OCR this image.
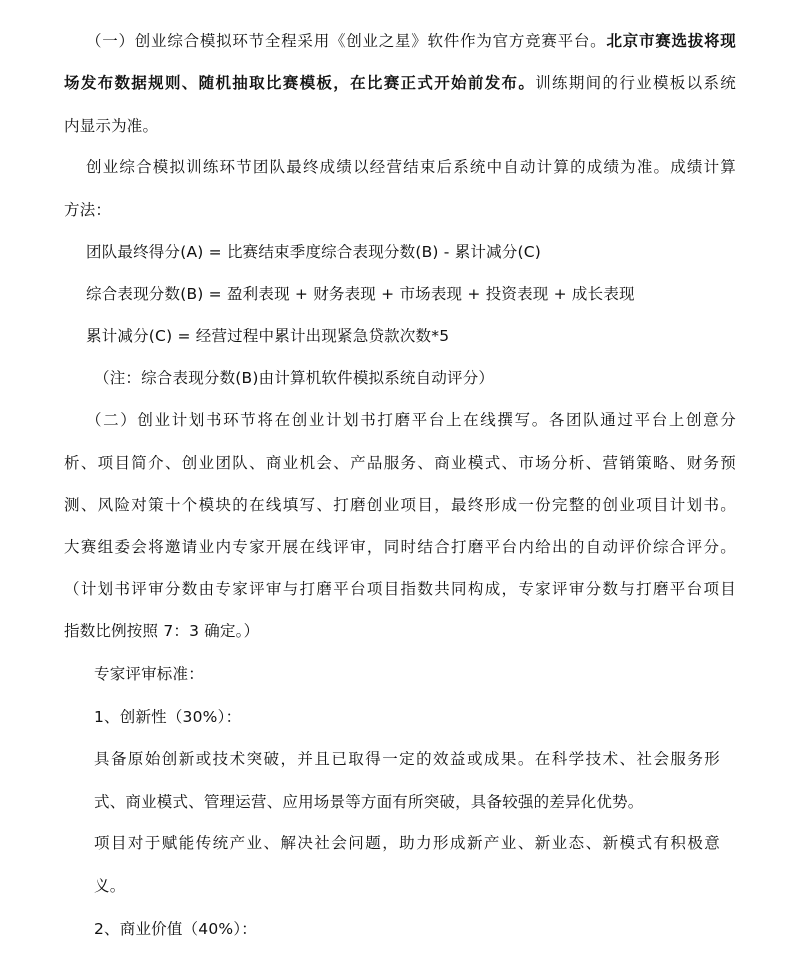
（一）创业综合模拟环节全程采用《创业之星》软件作为官方竞赛平台。北京市赛选拔将现
场发布数据规则、随机抽取比赛模板，在比赛正式开始前发布。训练期间的行业模板以系统
内显示为准。
创业综合模拟训练环节团队最终成绩以经营结束后系统中自动计算的成绩为准。成绩计算
方法：
团队最终得分(A) = 比赛结束季度综合表现分数(B) - 累计减分(C)
综合表现分数(B) = 盈利表现 + 财务表现 + 市场表现 + 投资表现 + 成长表现
累计减分(C) = 经营过程中累计出现紧急贷款次数*5
（注：综合表现分数(B)由计算机软件模拟系统自动评分）
（二）创业计划书环节将在创业计划书打磨平台上在线撰写。各团队通过平台上创意分
析、项目简介、创业团队、商业机会、产品服务、商业模式、市场分析、营销策略、财务预
测、风险对策十个模块的在线填写、打磨创业项目，最终形成一份完整的创业项目计划书。
大赛组委会将邀请业内专家开展在线评审，同时结合打磨平台内给出的自动评价综合评分。
（计划书评审分数由专家评审与打磨平台项目指数共同构成，专家评审分数与打磨平台项目
指数比例按照 7：3 确定。）
专家评审标准：
1、创新性（30%）：
具备原始创新或技术突破，并且已取得一定的效益或成果。在科学技术、社会服务形
式、商业模式、管理运营、应用场景等方面有所突破，具备较强的差异化优势。
项目对于赋能传统产业、解决社会问题，助力形成新产业、新业态、新模式有积极意
义。
2、商业价值（40%）：
